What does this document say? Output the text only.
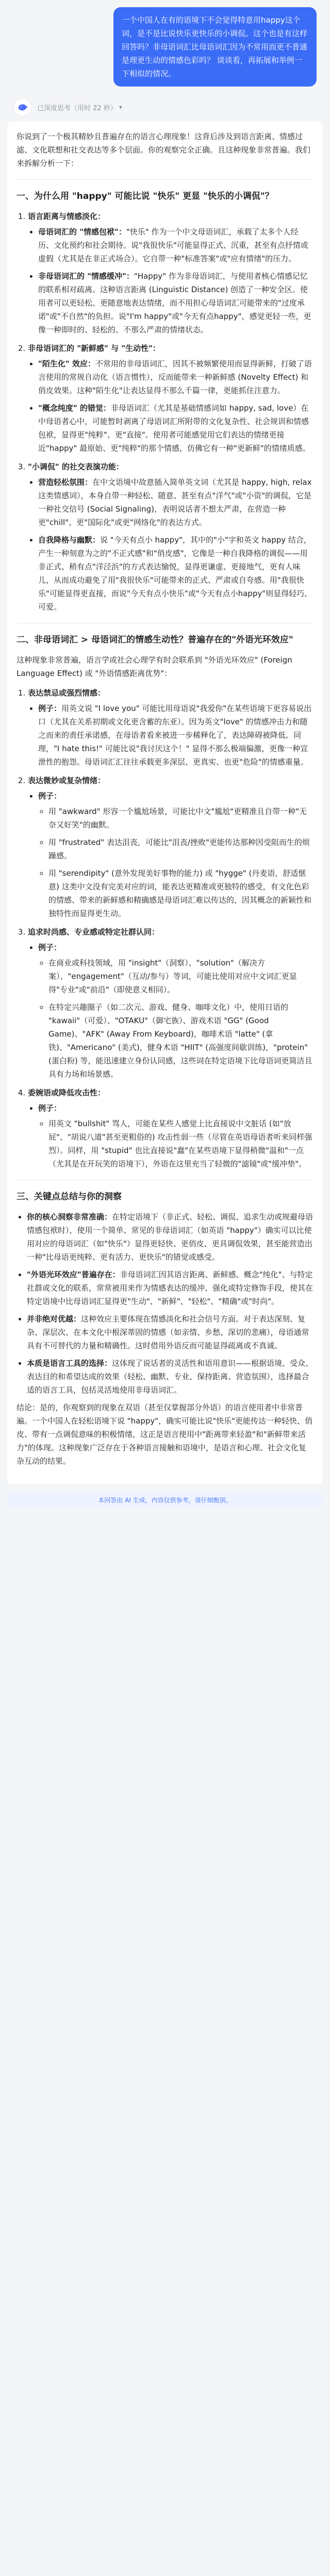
一个中国人在有的语境下不会觉得特意用happy这个词，是不是比说快乐更快乐的小调侃。这个也是有这样回答吗？非母语词汇比母语词汇因为不常用而更不普通是理更生动的情感色彩吗？ 谈谈看，再拓展和举例一下相似的情况。
已深度思考（用时 22 秒） ▾

你说到了一个极其精妙且普遍存在的语言心理现象！这背后涉及到语言距离、情感过滤、文化联想和社交表达等多个层面。你的观察完全正确。且这种现象非常普遍。我们来拆解分析一下：

一、为什么用 "happy" 可能比说 "快乐" 更显 "快乐的小调侃"？
1. 语言距离与情感淡化：
• 母语词汇的 "情感包袱"："快乐" 作为一个中文母语词汇，承载了太多个人经历、文化预约和社会期待。说"我很快乐"可能显得正式、沉重，甚至有点抒情或虚假（尤其是在非正式场合）。它自带一种"标准答案"或"应有情绪"的压力。
• 非母语词汇的 "情感缓冲"："Happy" 作为非母语词汇，与使用者核心情感记忆的联系相对疏离。这种语言距离 (Linguistic Distance) 创造了一种安全区。使用者可以更轻松、更随意地表达情绪，而不用担心母语词汇可能带来的"过度承诺"或"不自然"的负担。说"I'm happy"或"今天有点happy"，感觉更轻一些，更像一种即时的、轻松的、不那么严肃的情绪状态。
2. 非母语词汇的 "新鲜感" 与 "生动性"：
• "陌生化" 效应：不常用的非母语词汇，因其不被频繁使用而显得新鲜，打破了语言使用的常规自动化（语言惯性），反而能带来一种新鲜感 (Novelty Effect) 和俏皮效果。这种"陌生化"让表达显得不那么千篇一律，更能抓住注意力。
• "概念纯度" 的错觉：非母语词汇（尤其是基础情感词如 happy, sad, love）在中母语者心中，可能暂时剥离了母语词汇所附带的文化复杂性、社会规训和情感包袱，显得更"纯粹"、更"直接"。使用者可能感觉用它们表达的情绪更接近"happy" 最原始、更"纯粹"的那个情感，仿佛它有一种"更新鲜"的情绪质感。
3. "小调侃" 的社交表演功能：
• 营造轻松氛围：在中文语境中故意插入简单英文词（尤其是 happy, high, relax 这类情感词），本身自带一种轻松、随意、甚至有点"洋气"或"小资"的调侃，它是一种社交信号 (Social Signaling)，表明说话者不想太严肃，在营造一种更"chill"、更"国际化"或更"网络化"的表达方式。
• 自我降格与幽默：说 "今天有点小 happy"，其中的"小"字和英文 happy 结合，产生一种刻意为之的"不正式感"和"俏皮感"，它像是一种自我降格的调侃——用非正式、稍有点"洋泾浜"的方式表达愉悦，显得更谦虚、更接地气，更有人味儿，从而成功避免了用"我很快乐"可能带来的正式、严肃或自夸感。用"我很快乐"可能显得更直接，而说"今天有点小快乐"或"今天有点小happy"则显得轻巧、可爱。
二、非母语词汇 > 母语词汇的情感生动性？普遍存在的"外语光环效应"

这种现象非常普遍，语言学或社会心理学有时会联系到 "外语光环效应" (Foreign Language Effect) 或 "外语情感距离优势"：

1. 表达禁忌或强烈情感：
• 例子：用英文说 "I love you" 可能比用母语说"我爱你"在某些语境下更容易说出口（尤其在关系初期或文化更含蓄的东亚）。因为英文"love" 的情感冲击力和随之而来的责任承诺感，在母语者看来被进一步稀释化了，表达障碍被降低。同理，"I hate this!" 可能比说"我讨厌这个！" 显得不那么极端偏激，更像一种宣泄性的抱怨。母语词汇汇往往承载更多深层、更真实、也更"危险"的情感重量。
2. 表达微妙或复杂情绪：
• 例子：
◦ 用 "awkward" 形容一个尴尬场景，可能比中文"尴尬"更精准且自带一种"无奈又好笑"的幽默。
◦ 用 "frustrated" 表达沮丧，可能比"沮丧/挫败"更能传达那种因受阻而生的烦躁感。
◦ 用 "serendipity" (意外发现美好事物的能力) 或 "hygge" (丹麦语，舒适惬意) 这类中文没有完美对应的词，能表达更精准或更独特的感受，有文化色彩的情感、带来的新鲜感和精确感是母语词汇难以传达的，因其概念的新颖性和独特性而显得更生动。
3. 追求时尚感、专业感或特定社群认同：
• 例子：
◦ 在商业或科技领域，用 "insight"（洞察）、"solution"（解决方案）、"engagement"（互动/参与）等词，可能比使用对应中文词汇更显得"专业"或"前沿"（即使意义相同）。
◦ 在特定兴趣圈子（如二次元、游戏、健身、咖啡文化）中，使用日语的 "kawaii"（可爱）、"OTAKU"（御宅族）、游戏术语 "GG" (Good Game)、"AFK" (Away From Keyboard)，咖啡术语 "latte" (拿铁)、"Americano" (美式)，健身术语 "HIIT" (高强度间歇训练)，"protein" (蛋白粉) 等，能迅速建立身份认同感，这些词在特定语境下比母语词更简洁且具有力场和场景感。
4. 委婉语或降低攻击性：
• 例子：
◦ 用英文 "bullshit" 骂人，可能在某些人感觉上比直接说中文脏话 (如"放屁"、"胡说八道"甚至更粗俗的) 攻击性弱一些（尽管在英语母语者听来同样强烈）。同样，用 "stupid" 也比直接说"蠢"在某些语境下显得稍微"温和"一点（尤其是在开玩笑的语境下），外语在这里充当了轻微的"滤镜"或"缓冲垫"。
三、关键点总结与你的洞察
• 你的核心洞察非常准确：在特定语境下（非正式、轻松、调侃、追求生动或规避母语情感包袱时），使用一个简单、常见的非母语词汇（如英语 "happy"）确实可以比使用对应的母语词汇（如"快乐"）显得更轻快、更俏皮、更具调侃效果，甚至能营造出一种"比母语更纯粹、更有活力、更快乐"的错觉或感受。
• "外语光环效应"普遍存在：非母语词汇因其语言距离、新鲜感、概念"纯化"、与特定社群或文化的联系，常常被用来作为情感表达的缓冲、强化或特定修饰手段，使其在特定语境中比母语词汇显得更"生动"、"新鲜"、"轻松"、"精确"或"时尚"。
• 并非绝对优越：这种效应主要体现在情感淡化和社会信号方面。对于表达深刻、复杂、深层次、在本文化中根深蒂固的情感（如亲情、乡愁、深切的悲痛），母语通常具有不可替代的力量和精确性。这时借用外语反而可能显得疏离或不真诚。
• 本质是语言工具的选择：这体现了说话者的灵活性和语用意识——根据语境、受众、表达目的和希望达成的效果（轻松、幽默、专业、保持距离、营造氛围），选择最合适的语言工具，包括灵活地使用非母语词汇。

结论：是的，你观察到的现象在双语（甚至仅掌握部分外语）的语言使用者中非常普遍。一个中国人在轻松语境下说 "happy"，确实可能比说"快乐"更能传达一种轻快、俏皮、带有一点调侃意味的积极情绪，这正是语言使用中"距离带来轻盈"和"新鲜带来活力"的体现。这种现象广泛存在于各种语言接触和语境中，是语言和心理、社会文化复杂互动的结果。

本回答由 AI 生成，内容仅供参考，请仔细甄别。
